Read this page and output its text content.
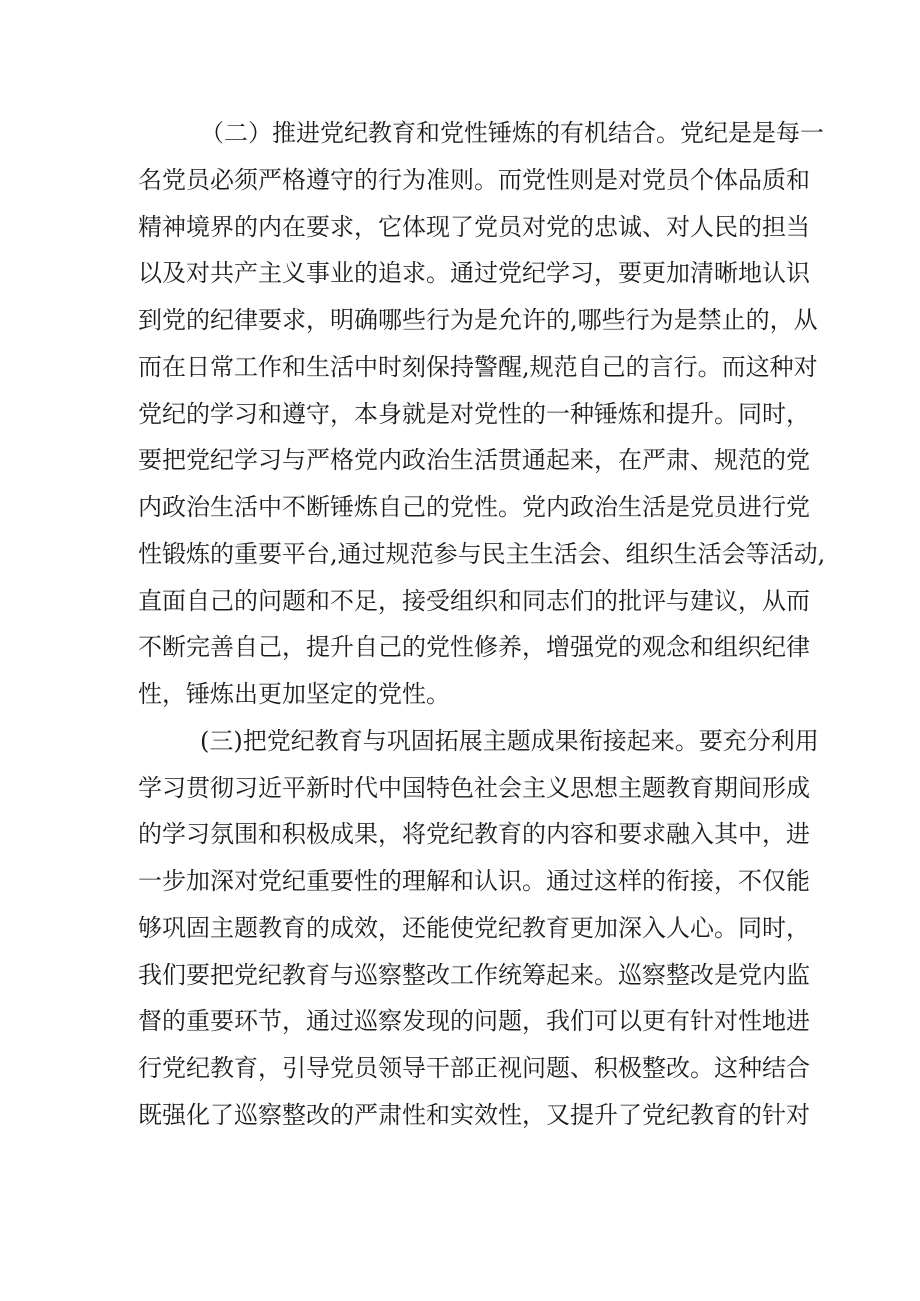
（二）推进党纪教育和党性锤炼的有机结合。党纪是是每一
名党员必须严格遵守的行为准则。而党性则是对党员个体品质和
精神境界的内在要求，它体现了党员对党的忠诚、对人民的担当
以及对共产主义事业的追求。通过党纪学习，要更加清晰地认识
到党的纪律要求，明确哪些行为是允许的,哪些行为是禁止的，从
而在日常工作和生活中时刻保持警醒,规范自己的言行。而这种对
党纪的学习和遵守，本身就是对党性的一种锤炼和提升。同时，
要把党纪学习与严格党内政治生活贯通起来，在严肃、规范的党
内政治生活中不断锤炼自己的党性。党内政治生活是党员进行党
性锻炼的重要平台,通过规范参与民主生活会、组织生活会等活动,
直面自己的问题和不足，接受组织和同志们的批评与建议，从而
不断完善自己，提升自己的党性修养，增强党的观念和组织纪律
性，锤炼出更加坚定的党性。
(三)把党纪教育与巩固拓展主题成果衔接起来。要充分利用
学习贯彻习近平新时代中国特色社会主义思想主题教育期间形成
的学习氛围和积极成果，将党纪教育的内容和要求融入其中，进
一步加深对党纪重要性的理解和认识。通过这样的衔接，不仅能
够巩固主题教育的成效，还能使党纪教育更加深入人心。同时，
我们要把党纪教育与巡察整改工作统筹起来。巡察整改是党内监
督的重要环节，通过巡察发现的问题，我们可以更有针对性地进
行党纪教育，引导党员领导干部正视问题、积极整改。这种结合
既强化了巡察整改的严肃性和实效性，又提升了党纪教育的针对
